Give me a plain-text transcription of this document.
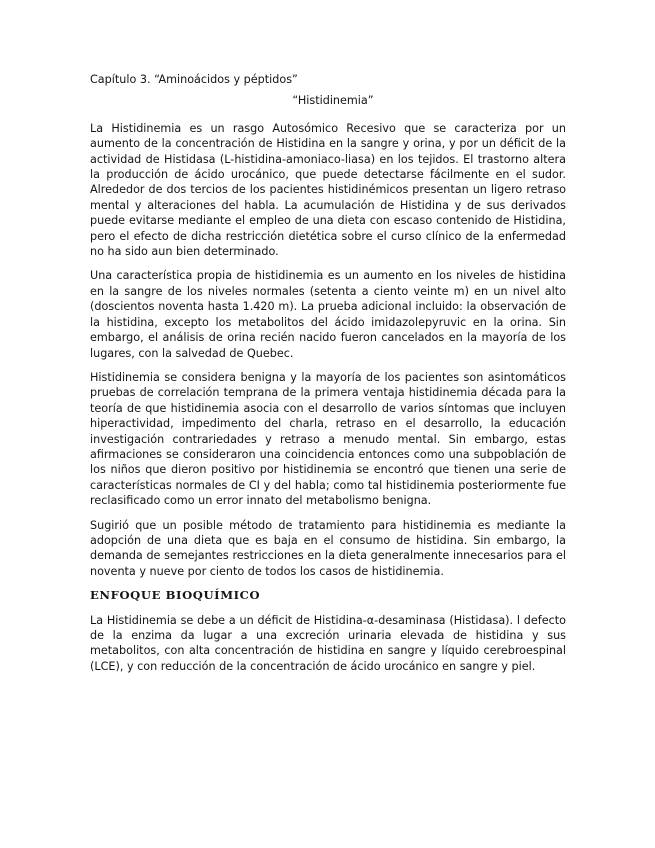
Capítulo 3. “Aminoácidos y péptidos”

“Histidinemia”

La Histidinemia es un rasgo Autosómico Recesivo que se caracteriza por un aumento de la concentración de Histidina en la sangre y orina, y por un déficit de la actividad de Histidasa (L-histidina-amoniaco-liasa) en los tejidos. El trastorno altera la producción de ácido urocánico, que puede detectarse fácilmente en el sudor. Alrededor de dos tercios de los pacientes histidinémicos presentan un ligero retraso mental y alteraciones del habla. La acumulación de Histidina y de sus derivados puede evitarse mediante el empleo de una dieta con escaso contenido de Histidina, pero el efecto de dicha restricción dietética sobre el curso clínico de la enfermedad no ha sido aun bien determinado.

Una característica propia de histidinemia es un aumento en los niveles de histidina en la sangre de los niveles normales (setenta a ciento veinte m) en un nivel alto (doscientos noventa hasta 1.420 m). La prueba adicional incluido: la observación de la histidina, excepto los metabolitos del ácido imidazolepyruvic en la orina. Sin embargo, el análisis de orina recién nacido fueron cancelados en la mayoría de los lugares, con la salvedad de Quebec.

Histidinemia se considera benigna y la mayoría de los pacientes son asintomáticos pruebas de correlación temprana de la primera ventaja histidinemia década para la teoría de que histidinemia asocia con el desarrollo de varios síntomas que incluyen hiperactividad, impedimento del charla, retraso en el desarrollo, la educación investigación contrariedades y retraso a menudo mental. Sin embargo, estas afirmaciones se consideraron una coincidencia entonces como una subpoblación de los niños que dieron positivo por histidinemia se encontró que tienen una serie de características normales de CI y del habla; como tal histidinemia posteriormente fue reclasificado como un error innato del metabolismo benigna.

Sugirió que un posible método de tratamiento para histidinemia es mediante la adopción de una dieta que es baja en el consumo de histidina. Sin embargo, la demanda de semejantes restricciones en la dieta generalmente innecesarios para el noventa y nueve por ciento de todos los casos de histidinemia.

ENFOQUE BIOQUÍMICO

La Histidinemia se debe a un déficit de Histidina-α-desaminasa (Histidasa). l defecto de la enzima da lugar a una excreción urinaria elevada de histidina y sus metabolitos, con alta concentración de histidina en sangre y líquido cerebroespinal (LCE), y con reducción de la concentración de ácido urocánico en sangre y piel.
